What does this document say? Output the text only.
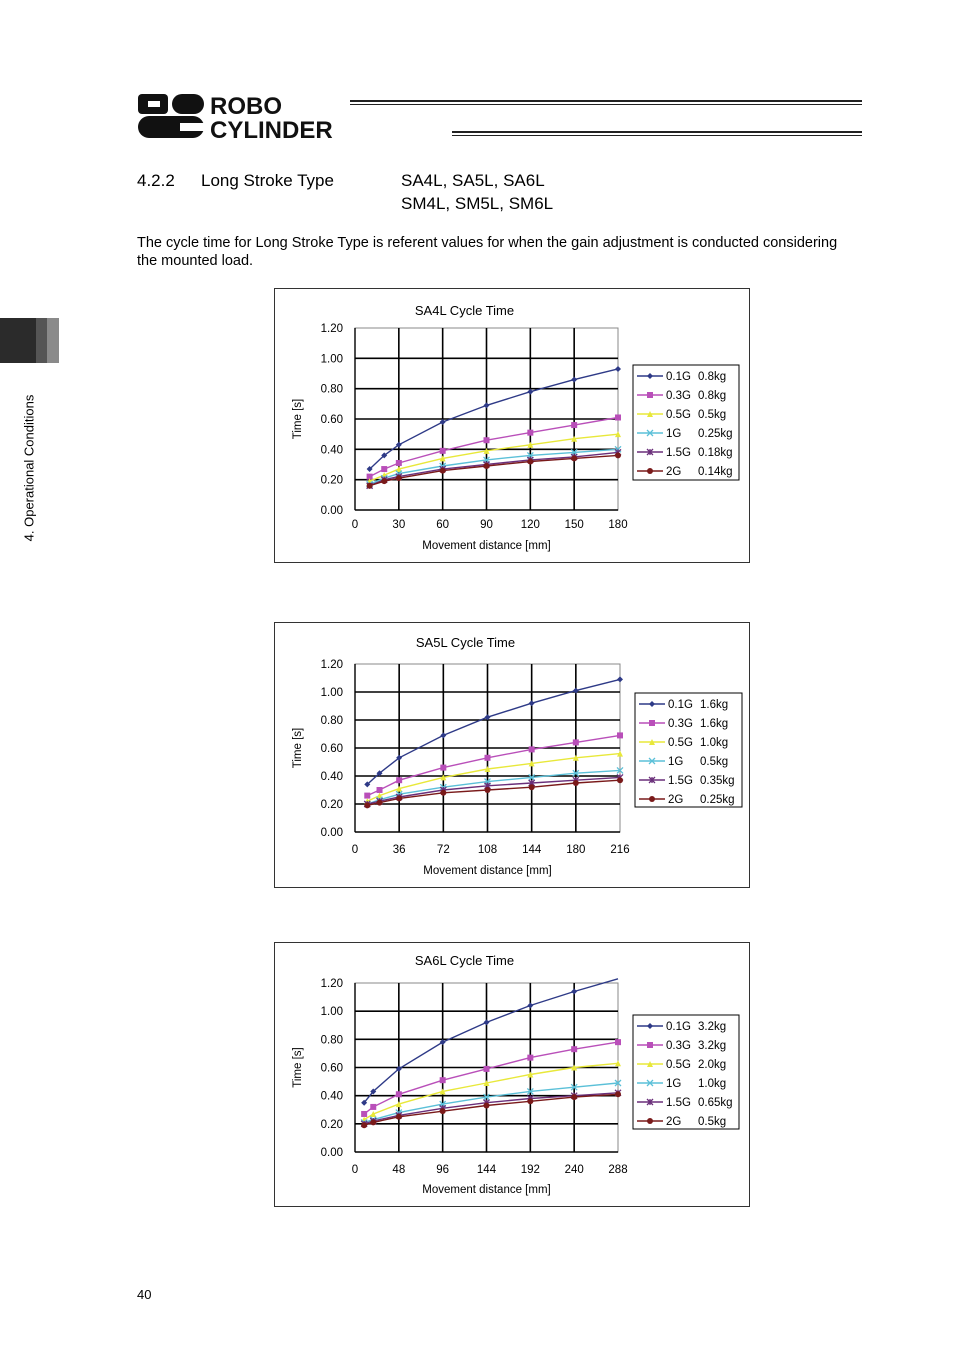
ROBO
CYLINDER
4. Operational Conditions
4.2.2 Long Stroke Type	SA4L, SA5L, SA6L
SM4L, SM5L, SM6L
The cycle time for Long Stroke Type is referent values for when the gain adjustment is conducted considering the mounted load.
SA4L Cycle Time
0	30	60	90 120 150 180
0.00
0.20
0.40
0.60
0.80
1.00
1.20
Movement distance [mm]
Time [s]
0.1G 0.8kg
0.3G 0.8kg
0.5G 0.5kg
1G 0.25kg
1.5G 0.18kg
2G 0.14kg
SA5L Cycle Time
0	36	72 108 144 180 216
0.00
0.20
0.40
0.60
0.80
1.00
1.20
Movement distance [mm]
Time [s]
0.1G 1.6kg
0.3G 1.6kg
0.5G 1.0kg
1G 0.5kg
1.5G 0.35kg
2G 0.25kg
SA6L Cycle Time
0	48	96 144 192 240 288
0.00
0.20
0.40
0.60
0.80
1.00
1.20
Movement distance [mm]
Time [s]
0.1G 3.2kg
0.3G 3.2kg
0.5G 2.0kg
1G 1.0kg
1.5G 0.65kg
2G 0.5kg
40
